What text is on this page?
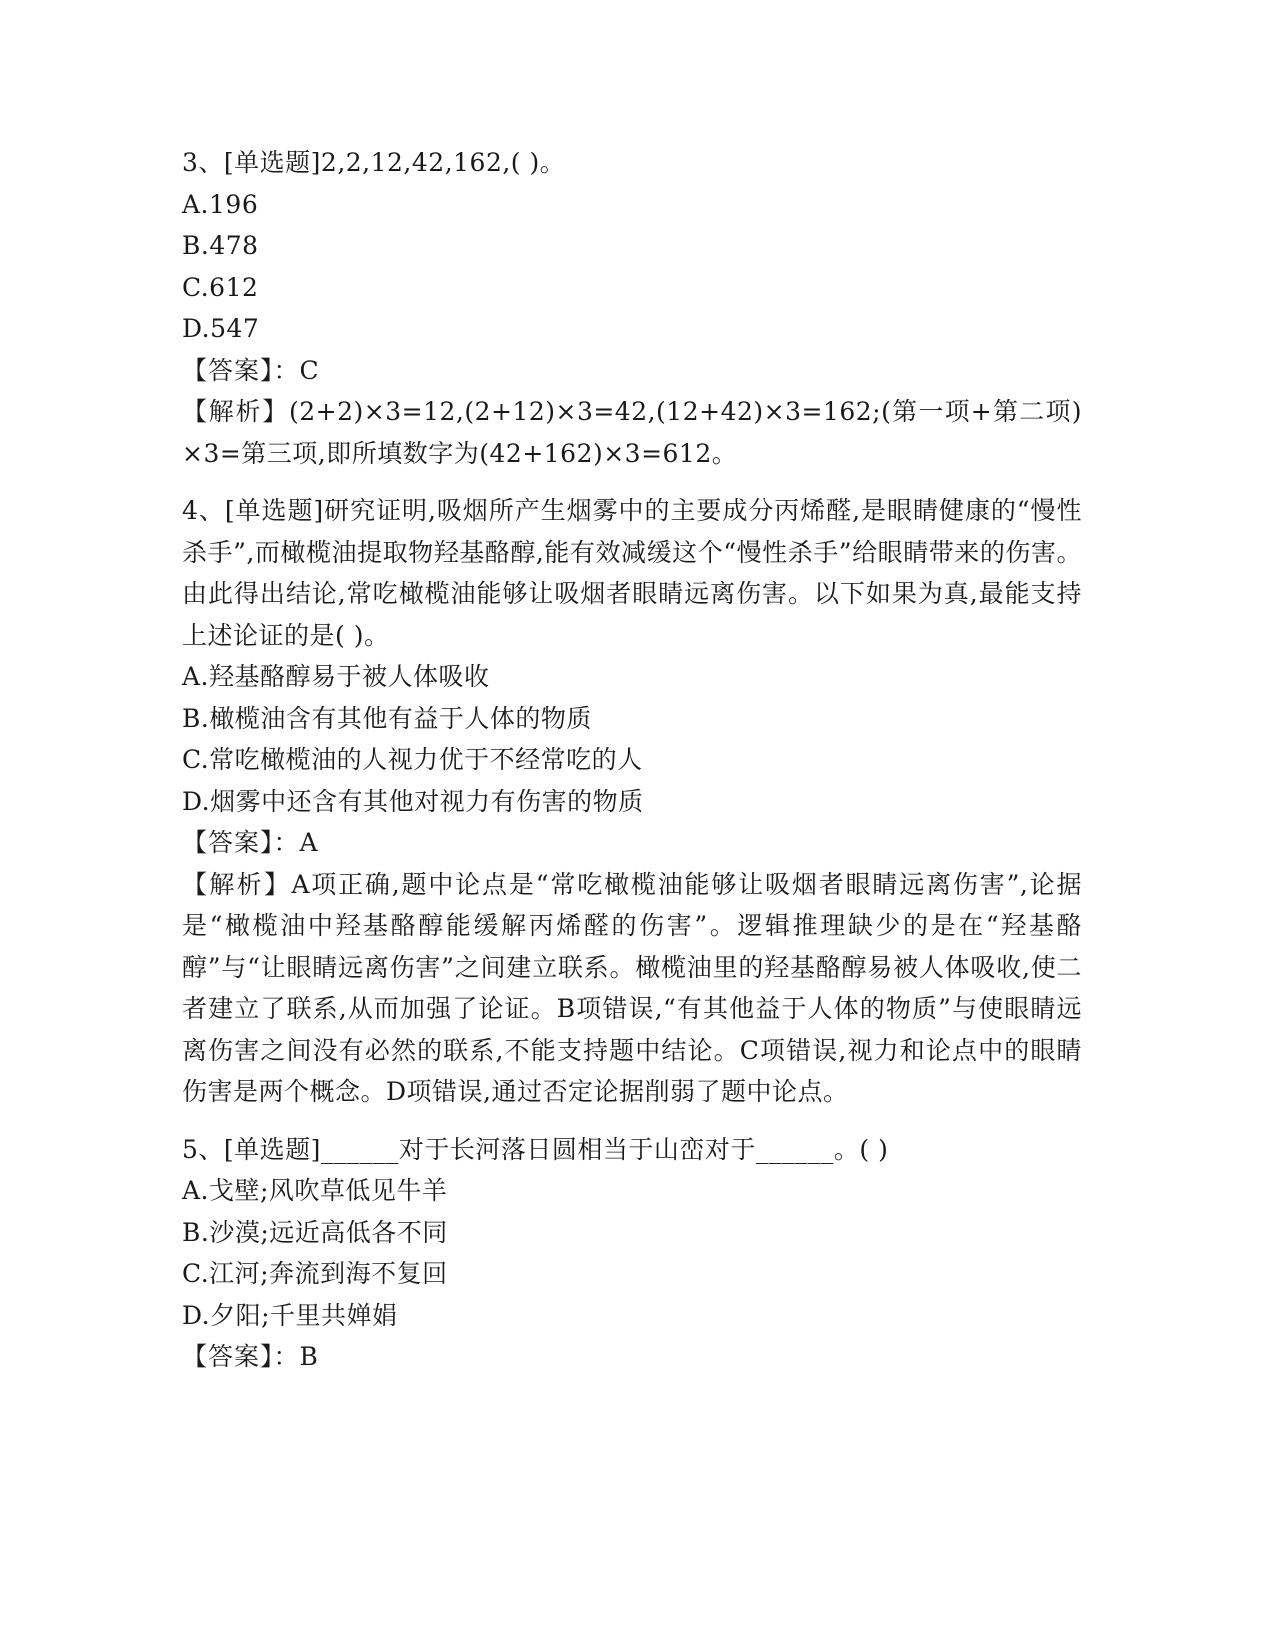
3、[单选题]2,2,12,42,162,( )。
A.196
B.478
C.612
D.547
【答案】：C
【解析】(2+2)×3=12,(2+12)×3=42,(12+42)×3=162;(第一项+第二项)×3=第三项,即所填数字为(42+162)×3=612。
4、[单选题]研究证明,吸烟所产生烟雾中的主要成分丙烯醛,是眼睛健康的“慢性杀手”,而橄榄油提取物羟基酪醇,能有效减缓这个“慢性杀手”给眼睛带来的伤害。由此得出结论,常吃橄榄油能够让吸烟者眼睛远离伤害。以下如果为真,最能支持上述论证的是( )。
A.羟基酪醇易于被人体吸收
B.橄榄油含有其他有益于人体的物质
C.常吃橄榄油的人视力优于不经常吃的人
D.烟雾中还含有其他对视力有伤害的物质
【答案】：A
【解析】A项正确,题中论点是“常吃橄榄油能够让吸烟者眼睛远离伤害”,论据是“橄榄油中羟基酪醇能缓解丙烯醛的伤害”。逻辑推理缺少的是在“羟基酪醇”与“让眼睛远离伤害”之间建立联系。橄榄油里的羟基酪醇易被人体吸收,使二者建立了联系,从而加强了论证。B项错误,“有其他益于人体的物质”与使眼睛远离伤害之间没有必然的联系,不能支持题中结论。C项错误,视力和论点中的眼睛伤害是两个概念。D项错误,通过否定论据削弱了题中论点。
5、[单选题]______对于长河落日圆相当于山峦对于______。( )
A.戈壁;风吹草低见牛羊
B.沙漠;远近高低各不同
C.江河;奔流到海不复回
D.夕阳;千里共婵娟
【答案】：B
